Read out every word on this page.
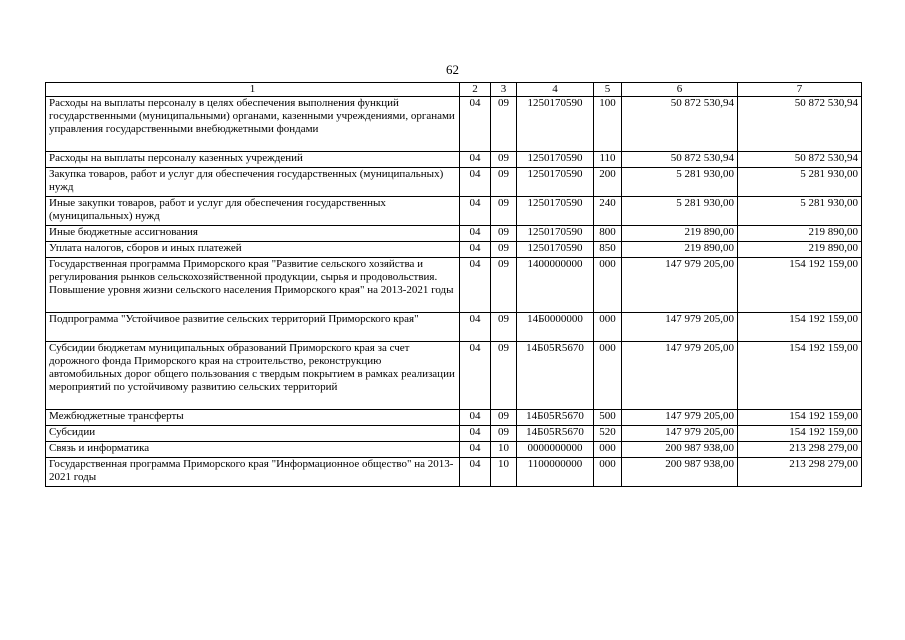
62
1	2	3	4	5	6	7
Расходы на выплаты персоналу в целях обеспечения выполнения функций государственными (муниципальными) органами, казенными учреждениями, органами управления государственными внебюджетными фондами	04	09	1250170590	100	50 872 530,94	50 872 530,94
Расходы на выплаты персоналу казенных учреждений	04	09	1250170590	110	50 872 530,94	50 872 530,94
Закупка товаров, работ и услуг для обеспечения государственных (муниципальных) нужд	04	09	1250170590	200	5 281 930,00	5 281 930,00
Иные закупки товаров, работ и услуг для обеспечения государственных (муниципальных) нужд	04	09	1250170590	240	5 281 930,00	5 281 930,00
Иные бюджетные ассигнования	04	09	1250170590	800	219 890,00	219 890,00
Уплата налогов, сборов и иных платежей	04	09	1250170590	850	219 890,00	219 890,00
Государственная программа Приморского края "Развитие сельского хозяйства и регулирования рынков сельскохозяйственной продукции, сырья и продовольствия. Повышение уровня жизни сельского населения Приморского края" на 2013-2021 годы	04	09	1400000000	000	147 979 205,00	154 192 159,00
Подпрограмма "Устойчивое развитие сельских территорий Приморского края"	04	09	14Б0000000	000	147 979 205,00	154 192 159,00
Субсидии бюджетам муниципальных образований Приморского края за счет дорожного фонда Приморского края на строительство, реконструкцию автомобильных дорог общего пользования с твердым покрытием в рамках реализации мероприятий по устойчивому развитию сельских территорий	04	09	14Б05R5670	000	147 979 205,00	154 192 159,00
Межбюджетные трансферты	04	09	14Б05R5670	500	147 979 205,00	154 192 159,00
Субсидии	04	09	14Б05R5670	520	147 979 205,00	154 192 159,00
Связь и информатика	04	10	0000000000	000	200 987 938,00	213 298 279,00
Государственная программа Приморского края "Информационное общество" на 2013-2021 годы	04	10	1100000000	000	200 987 938,00	213 298 279,00
